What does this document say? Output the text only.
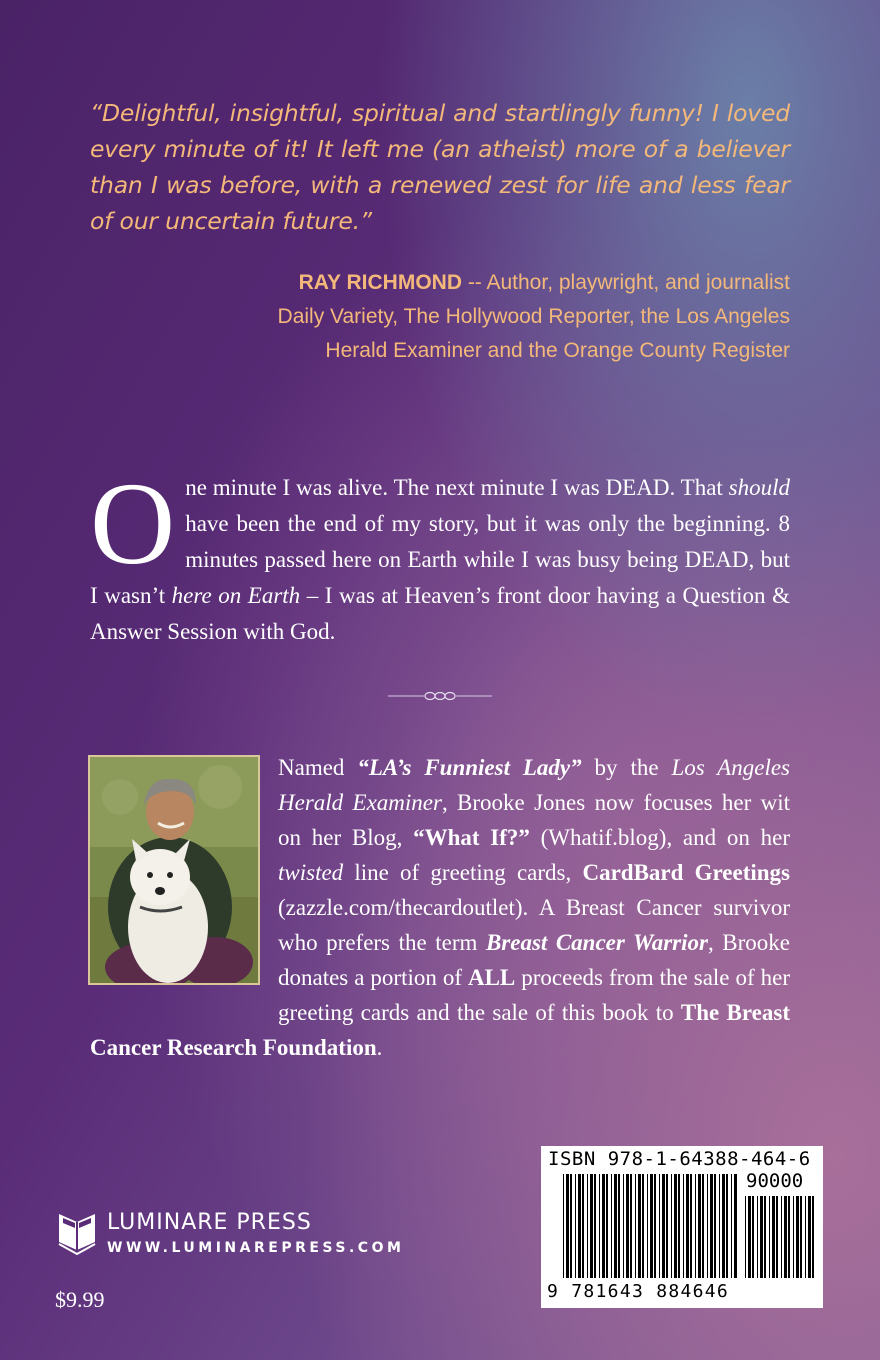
“Delightful, insightful, spiritual and startlingly funny! I loved every minute of it! It left me (an atheist) more of a believer than I was before, with a renewed zest for life and less fear of our uncertain future.”
RAY RICHMOND -- Author, playwright, and journalist
Daily Variety, The Hollywood Reporter, the Los Angeles
Herald Examiner and the Orange County Register
One minute I was alive. The next minute I was DEAD. That should have been the end of my story, but it was only the beginning. 8 minutes passed here on Earth while I was busy being DEAD, but I wasn’t here on Earth – I was at Heaven’s front door having a Question & Answer Session with God.
Named “LA’s Funniest Lady” by the Los Angeles Herald Examiner, Brooke Jones now focuses her wit on her Blog, “What If?” (Whatif.blog), and on her twisted line of greeting cards, CardBard Greetings (zazzle.com/thecardoutlet). A Breast Cancer survivor who prefers the term Breast Cancer Warrior, Brooke donates a portion of ALL proceeds from the sale of her greeting cards and the sale of this book to The Breast Cancer Research Foundation.
LUMINARE PRESS
WWW.LUMINAREPRESS.COM
$9.99
ISBN 978-1-64388-464-6
90000
9 781643 884646
